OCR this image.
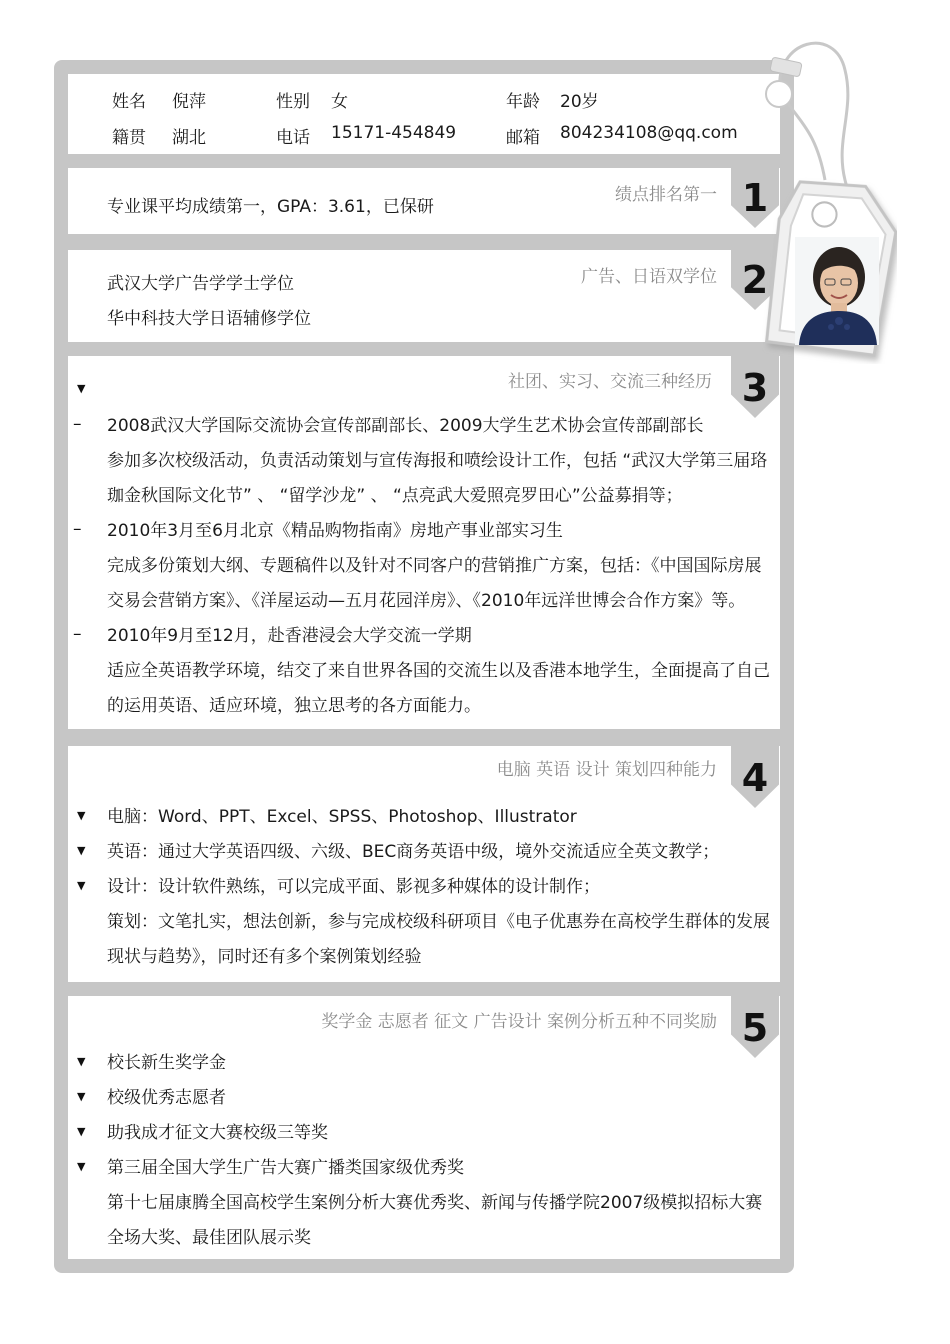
姓名 倪萍	性别 女	年龄 20岁
籍贯 湖北	电话 15171-454849	邮箱 804234108@qq.com
1
绩点排名第一
专业课平均成绩第一，GPA：3.61，已保研
2
广告、日语双学位
武汉大学广告学学士学位
华中科技大学日语辅修学位
3
社团、实习、交流三种经历
▼
– 2008武汉大学国际交流协会宣传部副部长、2009大学生艺术协会宣传部副部长
参加多次校级活动，负责活动策划与宣传海报和喷绘设计工作，包括 “武汉大学第三届珞
珈金秋国际文化节” 、 “留学沙龙” 、 “点亮武大爱照亮罗田心”公益募捐等；
– 2010年3月至6月北京《精品购物指南》房地产事业部实习生
完成多份策划大纲、专题稿件以及针对不同客户的营销推广方案，包括：《中国国际房展
交易会营销方案》、《洋屋运动—五月花园洋房》、《2010年远洋世博会合作方案》等。
– 2010年9月至12月，赴香港浸会大学交流一学期
适应全英语教学环境，结交了来自世界各国的交流生以及香港本地学生，全面提高了自己
的运用英语、适应环境，独立思考的各方面能力。
4
电脑 英语 设计 策划四种能力
▼ 电脑：Word、PPT、Excel、SPSS、Photoshop、Illustrator
▼ 英语：通过大学英语四级、六级、BEC商务英语中级，境外交流适应全英文教学；
▼ 设计：设计软件熟练，可以完成平面、影视多种媒体的设计制作；
策划：文笔扎实，想法创新，参与完成校级科研项目《电子优惠券在高校学生群体的发展
现状与趋势》，同时还有多个案例策划经验
5
奖学金 志愿者 征文 广告设计 案例分析五种不同奖励
▼ 校长新生奖学金
▼ 校级优秀志愿者
▼ 助我成才征文大赛校级三等奖
▼ 第三届全国大学生广告大赛广播类国家级优秀奖
第十七届康腾全国高校学生案例分析大赛优秀奖、新闻与传播学院2007级模拟招标大赛
全场大奖、最佳团队展示奖
